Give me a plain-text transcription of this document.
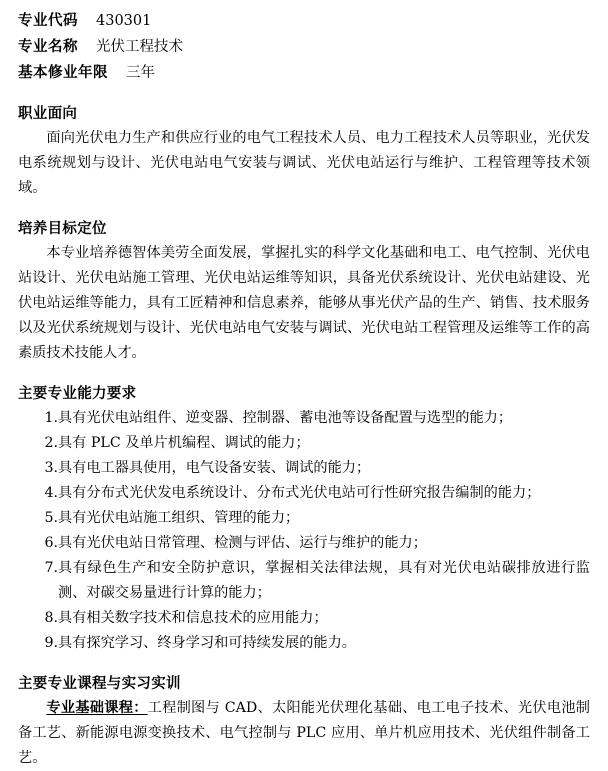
专业代码 430301
专业名称 光伏工程技术
基本修业年限 三年
职业面向

面向光伏电力生产和供应行业的电气工程技术人员、电力工程技术人员等职业，光伏发电系统规划与设计、光伏电站电气安装与调试、光伏电站运行与维护、工程管理等技术领域。

培养目标定位

本专业培养德智体美劳全面发展，掌握扎实的科学文化基础和电工、电气控制、光伏电站设计、光伏电站施工管理、光伏电站运维等知识，具备光伏系统设计、光伏电站建设、光伏电站运维等能力，具有工匠精神和信息素养，能够从事光伏产品的生产、销售、技术服务以及光伏系统规划与设计、光伏电站电气安装与调试、光伏电站工程管理及运维等工作的高素质技术技能人才。

主要专业能力要求
具有光伏电站组件、逆变器、控制器、蓄电池等设备配置与选型的能力；
具有 PLC 及单片机编程、调试的能力；
具有电工器具使用，电气设备安装、调试的能力；
具有分布式光伏发电系统设计、分布式光伏电站可行性研究报告编制的能力；
具有光伏电站施工组织、管理的能力；
具有光伏电站日常管理、检测与评估、运行与维护的能力；
具有绿色生产和安全防护意识，掌握相关法律法规，具有对光伏电站碳排放进行监测、对碳交易量进行计算的能力；
具有相关数字技术和信息技术的应用能力；
具有探究学习、终身学习和可持续发展的能力。
主要专业课程与实习实训

专业基础课程：工程制图与 CAD、太阳能光伏理化基础、电工电子技术、光伏电池制备工艺、新能源电源变换技术、电气控制与 PLC 应用、单片机应用技术、光伏组件制备工艺。
